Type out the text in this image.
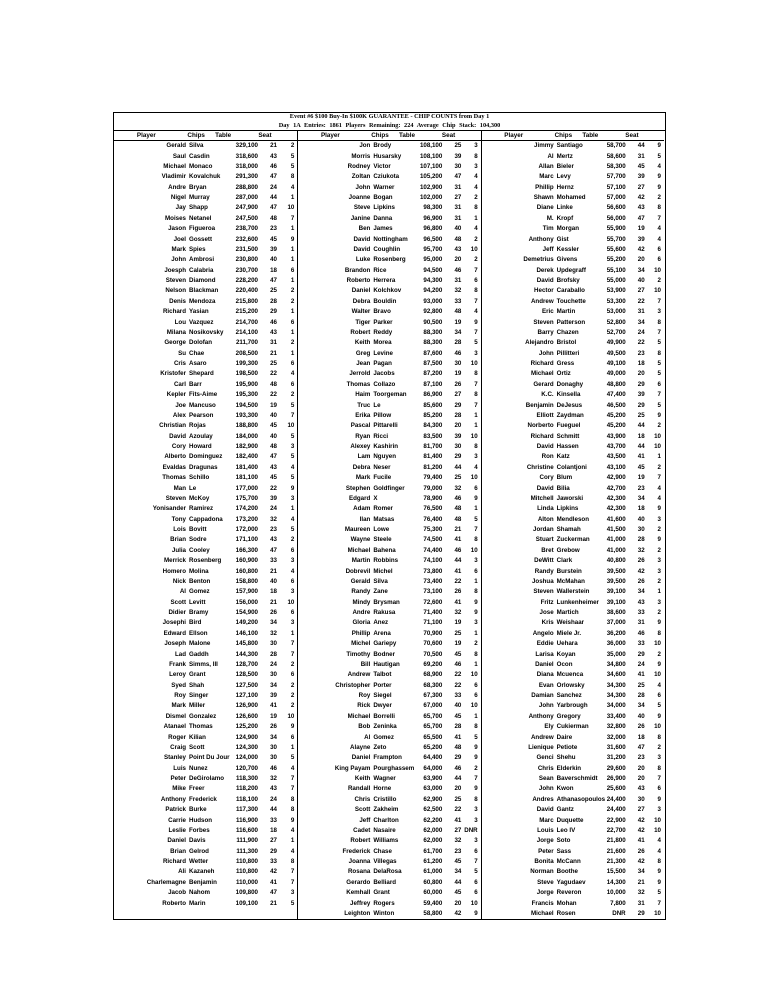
Event #6 $100 Buy-In $100K GUARANTEE - CHIP COUNTS from Day 1
Day 1A Entries: 1861 Players Remaining: 224 Average Chip Stack: 104,300
Player	Chips	Table	Seat
Gerald Silva	329,100	21	2
Saul Casdin	318,600	43	5
Michael Monaco	318,000	46	5
Vladimir Kovalchuk	291,300	47	8
Andre Bryan	288,800	24	4
Nigel Murray	287,000	44	1
Jay Shapp	247,900	47	10
Moises Netanel	247,500	48	7
Jason Figueroa	238,700	23	1
Joel Gossett	232,600	45	9
Mark Spies	231,500	39	1
John Ambrosi	230,800	40	1
Joesph Calabria	230,700	18	6
Steven Diamond	228,200	47	1
Nelson Blackman	220,400	25	2
Denis Mendoza	215,800	28	2
Richard Yasian	215,200	29	1
Lou Vazquez	214,700	46	6
Milana Nosikovsky	214,100	43	1
George Dolofan	211,700	31	2
Su Chae	208,500	21	1
Cris Asaro	199,300	25	6
Kristofer Shepard	198,500	22	4
Carl Barr	195,900	48	6
Kepler Fits-Aime	195,300	22	2
Joe Mancuso	194,500	19	5
Alex Pearson	193,300	40	7
Christian Rojas	188,800	45	10
David Azoulay	184,000	40	5
Cory Howard	182,900	48	3
Alberto Dominguez	182,400	47	5
Evaldas Dragunas	181,400	43	4
Thomas Schillo	181,100	45	5
Man Le	177,000	22	9
Steven McKoy	175,700	39	3
Yonisander Ramirez	174,200	24	1
Tony Cappadona	173,200	32	4
Lois Bovitt	172,000	23	5
Brian Sodre	171,100	43	2
Julia Cooley	166,300	47	6
Merrick Rosenberg	160,900	33	3
Homero Molina	160,800	21	4
Nick Benton	158,800	40	6
Al Gomez	157,900	18	3
Scott Levitt	156,000	21	10
Didier Bramy	154,900	26	6
Josephi Bird	149,200	34	3
Edward Ellson	146,100	32	1
Joseph Malone	145,800	30	7
Lad Gaddh	144,300	28	7
Frank Simms, III	128,700	24	2
Leroy Grant	128,500	30	6
Syed Shah	127,500	34	2
Roy Singer	127,100	39	2
Mark Miller	126,900	41	2
Dismel Gonzalez	126,600	19	10
Atanael Thomas	125,200	26	9
Roger Kilian	124,900	34	6
Craig Scott	124,300	30	1
Stanley Point Du Jour 124,000	30	5
Luis Nunez	120,700	46	4
Peter DeGirolamo	118,300	32	7
Mike Freer	118,200	43	7
Anthony Frederick	118,100	24	8
Patrick Burke	117,300	44	8
Carrie Hudson	116,900	33	9
Leslie Forbes	116,600	18	4
Daniel Davis	111,900	27	1
Brian Gelrod	111,300	29	4
Richard Wetter	110,800	33	8
Ali Kazaneh	110,800	42	7
Charlemagne Benjamin	110,000	41	7
Jacob Nahom	109,800	47	3
Roberto Marin	109,100	21	5
Player	Chips	Table	Seat
Jon Brody	108,100	25	3
Morris Husarsky	108,100	39	8
Rodney Victor	107,100	30	3
Zoltan Cziukota	105,200	47	4
John Warner	102,900	31	4
Joanne Bogan	102,000	27	2
Steve Lipkins	98,300	31	8
Janine Danna	96,900	31	1
Ben James	96,800	40	4
David Nottingham	96,500	48	2
David Coughlin	95,700	43	10
Luke Rosenberg	95,000	20	2
Brandon Rice	94,500	46	7
Roberto Herrera	94,300	31	6
Daniel Kolchkov	94,200	32	8
Debra Bouldin	93,000	33	7
Walter Bravo	92,800	48	4
Tiger Parker	90,500	19	9
Robert Reddy	88,300	34	7
Keith Morea	88,300	28	5
Greg Levine	87,600	46	3
Jean Pagan	87,500	30	10
Jerrold Jacobs	87,200	19	8
Thomas Collazo	87,100	26	7
Haim Toorgeman	86,900	27	8
Truc Le	85,600	29	7
Erika Pillow	85,200	28	1
Pascal Pittarelli	84,300	20	1
Ryan Ricci	83,500	39	10
Alexey Kashirin	81,700	30	8
Lam Nguyen	81,400	29	3
Debra Neser	81,200	44	4
Mark Fucile	79,400	25	10
Stephen Goldfinger	79,000	32	6
Edgard X	78,900	46	9
Adam Romer	76,500	48	1
Ilan Matsas	76,400	48	5
Maureen Lowe	75,300	21	7
Wayne Steele	74,500	41	8
Michael Bahena	74,400	46	10
Martin Robbins	74,100	44	3
Dobrevil Michel	73,800	41	6
Gerald Silva	73,400	22	1
Randy Zane	73,100	26	8
Mindy Brysman	72,600	41	9
Andre Rakusa	71,400	32	9
Gloria Anez	71,100	19	3
Phillip Arena	70,900	25	1
Michel Gariepy	70,600	19	2
Timothy Bodner	70,500	45	8
Bill Hautigan	69,200	46	1
Andrew Talbot	68,900	22	10
Christopher Porter	68,300	22	6
Roy Siegel	67,300	33	6
Rick Dwyer	67,000	40	10
Michael Borrelli	65,700	45	1
Bob Zeninka	65,700	28	8
Al Gomez	65,500	41	5
Alayne Zeto	65,200	48	9
Daniel Frampton	64,400	29	9
King Payam Pourghassem	64,000	46	2
Keith Wagner	63,900	44	7
Randall Horne	63,000	20	9
Chris Cristillo	62,900	25	8
Scott Zakheim	62,500	22	3
Jeff Charlton	62,200	41	3
Cadet Nasaire	62,000	27 DNR
Robert Williams	62,000	32	3
Frederick Chase	61,700	23	6
Joanna Villegas	61,200	45	7
Rosana DelaRosa	61,000	34	5
Gerardo Belliard	60,800	44	6
Kemhall Grant	60,000	45	6
Jeffrey Rogers	59,400	20	10
Leighton Winton	58,800	42	9
Player	Chips	Table	Seat
Jimmy Santiago	58,700	44	9
Al Mertz	58,600	31	5
Allan Bieler	58,300	45	4
Marc Levy	57,700	39	9
Phillip Hernz	57,100	27	9
Shawn Mohamed	57,000	42	2
Diane Linke	56,600	43	8
M. Kropf	56,000	47	7
Tim Morgan	55,900	19	4
Anthony Gist	55,700	39	4
Jeff Kessler	55,600	42	6
Demetrius Givens	55,200	20	6
Derek Updegraff	55,100	34	10
David Brofsky	55,000	40	2
Hector Caraballo	53,900	27	10
Andrew Touchette	53,300	22	7
Eric Martin	53,000	31	3
Steven Patterson	52,800	34	8
Barry Chazen	52,700	24	7
Alejandro Bristol	49,900	22	5
John Pillitteri	49,500	23	8
Richard Gress	49,100	18	5
Michael Ortiz	49,000	20	5
Gerard Donaghy	48,800	29	6
K.C. Kinsella	47,400	39	7
Benjamin DeJesus	46,500	29	5
Elliott Zaydman	45,200	25	9
Norberto Fueguel	45,200	44	2
Richard Schmitt	43,900	18	10
David Hassen	43,700	44	10
Ron Katz	43,500	41	1
Christine Colantjoni	43,100	45	2
Cory Blum	42,900	19	7
David Bilia	42,700	23	4
Mitchell Jaworski	42,300	34	4
Linda Lipkins	42,300	18	9
Alton Mendleson	41,600	40	3
Jordan Shamah	41,500	30	2
Stuart Zuckerman	41,000	28	9
Bret Grebow	41,000	32	2
DeWitt Clark	40,800	26	3
Randy Burstein	39,500	42	3
Joshua McMahan	39,500	26	2
Steven Wallerstein	39,100	34	1
Fritz Lunkenheimer	39,100	43	3
Jose Martich	38,600	33	2
Kris Weishaar	37,000	31	9
Angelo Miele Jr.	36,200	46	8
Eddie Uehara	36,000	33	10
Larisa Koyan	35,000	29	2
Daniel Ocon	34,800	24	9
Diana Mcuenca	34,600	41	10
Evan Orlowsky	34,300	25	4
Damian Sanchez	34,300	28	6
John Yarbrough	34,000	34	5
Anthony Gregory	33,400	40	9
Ely Cukierman	32,800	26	10
Andrew Daire	32,000	18	8
Lienique Petiote	31,600	47	2
Genci Shehu	31,200	23	3
Chris Elderkin	29,600	20	8
Sean Baverschmidt	26,900	20	7
John Kwon	25,600	43	6
Andres Athanasopoulos 24,400	30	9
David Gantz	24,400	27	3
Marc Duquette	22,900	42	10
Louis Leo IV	22,700	42	10
Jorge Soto	21,800	41	4
Peter Sass	21,600	26	4
Bonita McCann	21,300	42	8
Norman Boothe	15,500	34	9
Steve Yagudaev	14,300	21	9
Jorge Reveron	10,000	32	5
Francis Mohan	7,800	31	7
Michael Rosen	DNR	29	10
